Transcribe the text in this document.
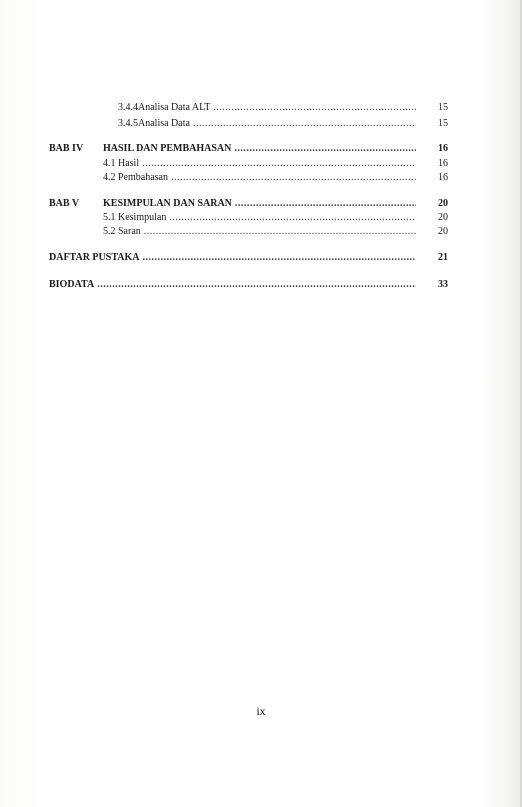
3.4.4 Analisa Data ALT .....	15
3.4.5 Analisa Data .....	15
BAB IV HASIL DAN PEMBAHASAN .....	16
4.1 Hasil .....	16
4.2 Pembahasan .....	16
BAB V KESIMPULAN DAN SARAN .....	20
5.1 Kesimpulan .....	20
5.2 Saran .....	20
DAFTAR PUSTAKA .....	21
BIODATA .....	33
ix
